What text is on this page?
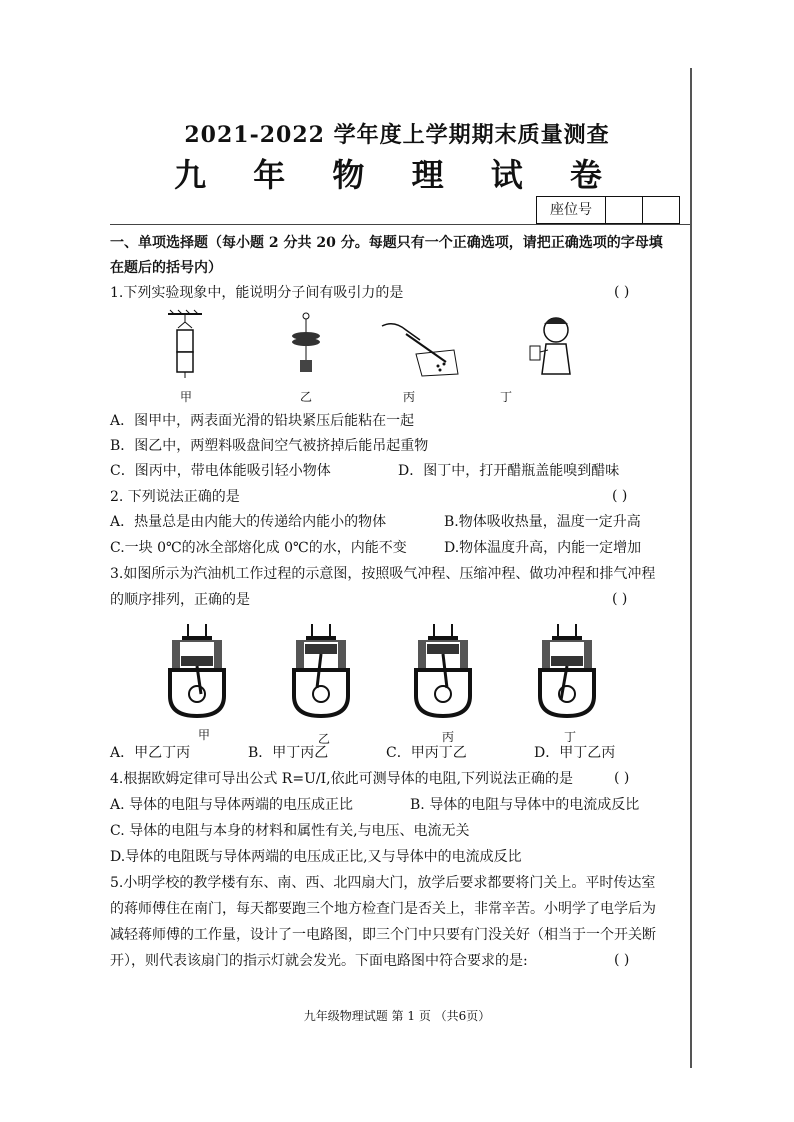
2021-2022 学年度上学期期末质量测查
九 年 物 理 试 卷
座位号
一、单项选择题（每小题 2 分共 20 分。每题只有一个正确选项，请把正确选项的字母填
在题后的括号内）
1.下列实验现象中，能说明分子间有吸引力的是	( )
甲	乙	丙	丁
A．图甲中，两表面光滑的铅块紧压后能粘在一起
B．图乙中，两塑料吸盘间空气被挤掉后能吊起重物
C．图丙中，带电体能吸引轻小物体	D．图丁中，打开醋瓶盖能嗅到醋味
2. 下列说法正确的是	( )
A．热量总是由内能大的传递给内能小的物体	B.物体吸收热量，温度一定升高
C.一块 0℃的冰全部熔化成 0℃的水，内能不变	D.物体温度升高，内能一定增加
3.如图所示为汽油机工作过程的示意图，按照吸气冲程、压缩冲程、做功冲程和排气冲程
的顺序排列，正确的是	( )
甲	乙	丙	丁
A．甲乙丁丙	B．甲丁丙乙	C．甲丙丁乙	D．甲丁乙丙
4.根据欧姆定律可导出公式 R=U/I,依此可测导体的电阻,下列说法正确的是	( )
A. 导体的电阻与导体两端的电压成正比	B. 导体的电阻与导体中的电流成反比
C. 导体的电阻与本身的材料和属性有关,与电压、电流无关
D.导体的电阻既与导体两端的电压成正比,又与导体中的电流成反比
5.小明学校的教学楼有东、南、西、北四扇大门，放学后要求都要将门关上。平时传达室
的蒋师傅住在南门，每天都要跑三个地方检查门是否关上，非常辛苦。小明学了电学后为
减轻蒋师傅的工作量，设计了一电路图，即三个门中只要有门没关好（相当于一个开关断
开），则代表该扇门的指示灯就会发光。下面电路图中符合要求的是:	( )
九年级物理试题 第 1 页 （共6页）
